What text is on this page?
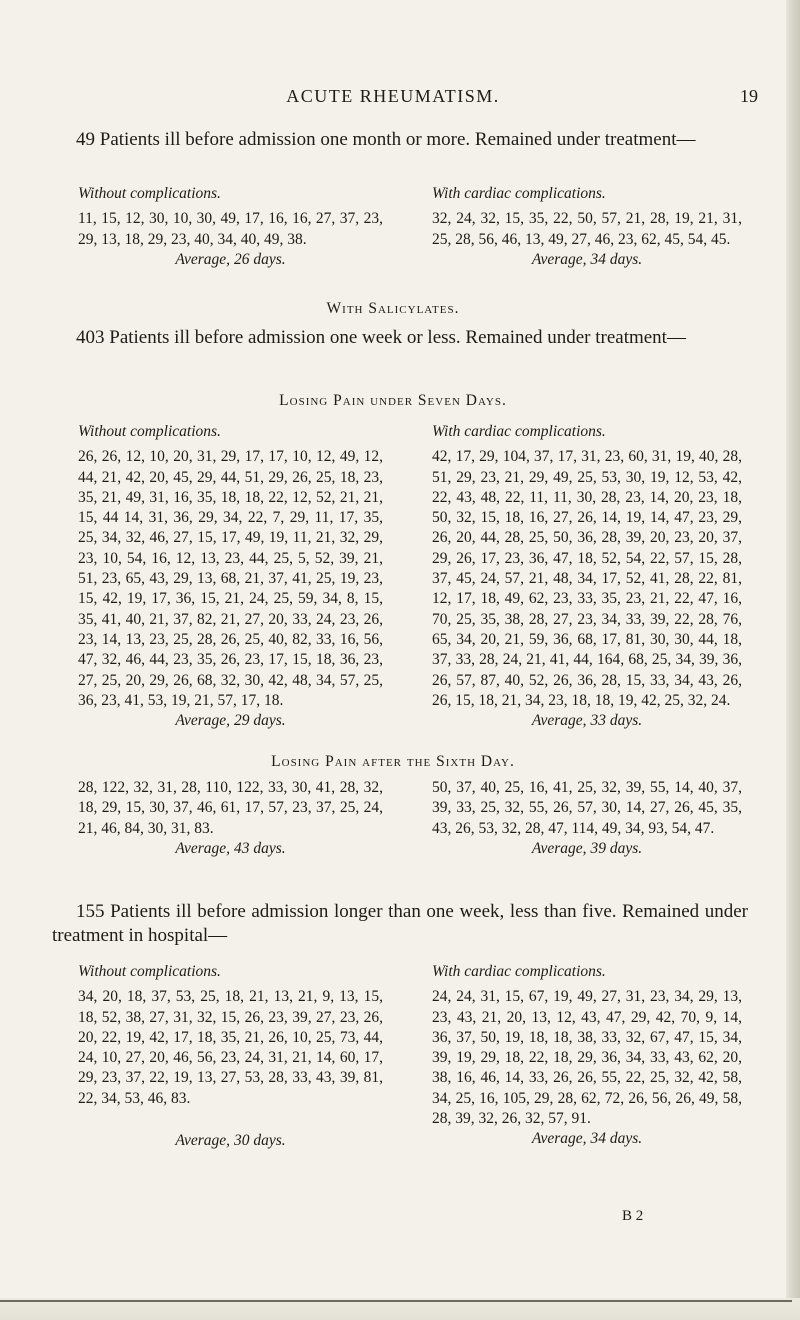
ACUTE RHEUMATISM.	19

49 Patients ill before admission one month or more. Remained under treatment—

Without complications.
11, 15, 12, 30, 10, 30, 49, 17, 16, 16, 27, 37, 23, 29, 13, 18, 29, 23, 40, 34, 40, 49, 38.
Average, 26 days.
With cardiac complications.
32, 24, 32, 15, 35, 22, 50, 57, 21, 28, 19, 21, 31, 25, 28, 56, 46, 13, 49, 27, 46, 23, 62, 45, 54, 45.
Average, 34 days.
With Salicylates.

403 Patients ill before admission one week or less. Remained under treatment—

Losing Pain under Seven Days.
Without complications.
26, 26, 12, 10, 20, 31, 29, 17, 17, 10, 12, 49, 12, 44, 21, 42, 20, 45, 29, 44, 51, 29, 26, 25, 18, 23, 35, 21, 49, 31, 16, 35, 18, 18, 22, 12, 52, 21, 21, 15, 44 14, 31, 36, 29, 34, 22, 7, 29, 11, 17, 35, 25, 34, 32, 46, 27, 15, 17, 49, 19, 11, 21, 32, 29, 23, 10, 54, 16, 12, 13, 23, 44, 25, 5, 52, 39, 21, 51, 23, 65, 43, 29, 13, 68, 21, 37, 41, 25, 19, 23, 15, 42, 19, 17, 36, 15, 21, 24, 25, 59, 34, 8, 15, 35, 41, 40, 21, 37, 82, 21, 27, 20, 33, 24, 23, 26, 23, 14, 13, 23, 25, 28, 26, 25, 40, 82, 33, 16, 56, 47, 32, 46, 44, 23, 35, 26, 23, 17, 15, 18, 36, 23, 27, 25, 20, 29, 26, 68, 32, 30, 42, 48, 34, 57, 25, 36, 23, 41, 53, 19, 21, 57, 17, 18.
Average, 29 days.
With cardiac complications.
42, 17, 29, 104, 37, 17, 31, 23, 60, 31, 19, 40, 28, 51, 29, 23, 21, 29, 49, 25, 53, 30, 19, 12, 53, 42, 22, 43, 48, 22, 11, 11, 30, 28, 23, 14, 20, 23, 18, 50, 32, 15, 18, 16, 27, 26, 14, 19, 14, 47, 23, 29, 26, 20, 44, 28, 25, 50, 36, 28, 39, 20, 23, 20, 37, 29, 26, 17, 23, 36, 47, 18, 52, 54, 22, 57, 15, 28, 37, 45, 24, 57, 21, 48, 34, 17, 52, 41, 28, 22, 81, 12, 17, 18, 49, 62, 23, 33, 35, 23, 21, 22, 47, 16, 70, 25, 35, 38, 28, 27, 23, 34, 33, 39, 22, 28, 76, 65, 34, 20, 21, 59, 36, 68, 17, 81, 30, 30, 44, 18, 37, 33, 28, 24, 21, 41, 44, 164, 68, 25, 34, 39, 36, 26, 57, 87, 40, 52, 26, 36, 28, 15, 33, 34, 43, 26, 26, 15, 18, 21, 34, 23, 18, 18, 19, 42, 25, 32, 24.
Average, 33 days.
Losing Pain after the Sixth Day.
28, 122, 32, 31, 28, 110, 122, 33, 30, 41, 28, 32, 18, 29, 15, 30, 37, 46, 61, 17, 57, 23, 37, 25, 24, 21, 46, 84, 30, 31, 83.
Average, 43 days.
50, 37, 40, 25, 16, 41, 25, 32, 39, 55, 14, 40, 37, 39, 33, 25, 32, 55, 26, 57, 30, 14, 27, 26, 45, 35, 43, 26, 53, 32, 28, 47, 114, 49, 34, 93, 54, 47.
Average, 39 days.

155 Patients ill before admission longer than one week, less than five. Remained under treatment in hospital—

Without complications.
34, 20, 18, 37, 53, 25, 18, 21, 13, 21, 9, 13, 15, 18, 52, 38, 27, 31, 32, 15, 26, 23, 39, 27, 23, 26, 20, 22, 19, 42, 17, 18, 35, 21, 26, 10, 25, 73, 44, 24, 10, 27, 20, 46, 56, 23, 24, 31, 21, 14, 60, 17, 29, 23, 37, 22, 19, 13, 27, 53, 28, 33, 43, 39, 81, 22, 34, 53, 46, 83.
Average, 30 days.
With cardiac complications.
24, 24, 31, 15, 67, 19, 49, 27, 31, 23, 34, 29, 13, 23, 43, 21, 20, 13, 12, 43, 47, 29, 42, 70, 9, 14, 36, 37, 50, 19, 18, 18, 38, 33, 32, 67, 47, 15, 34, 39, 19, 29, 18, 22, 18, 29, 36, 34, 33, 43, 62, 20, 38, 16, 46, 14, 33, 26, 26, 55, 22, 25, 32, 42, 58, 34, 25, 16, 105, 29, 28, 62, 72, 26, 56, 26, 49, 58, 28, 39, 32, 26, 32, 57, 91.
Average, 34 days.
B 2
